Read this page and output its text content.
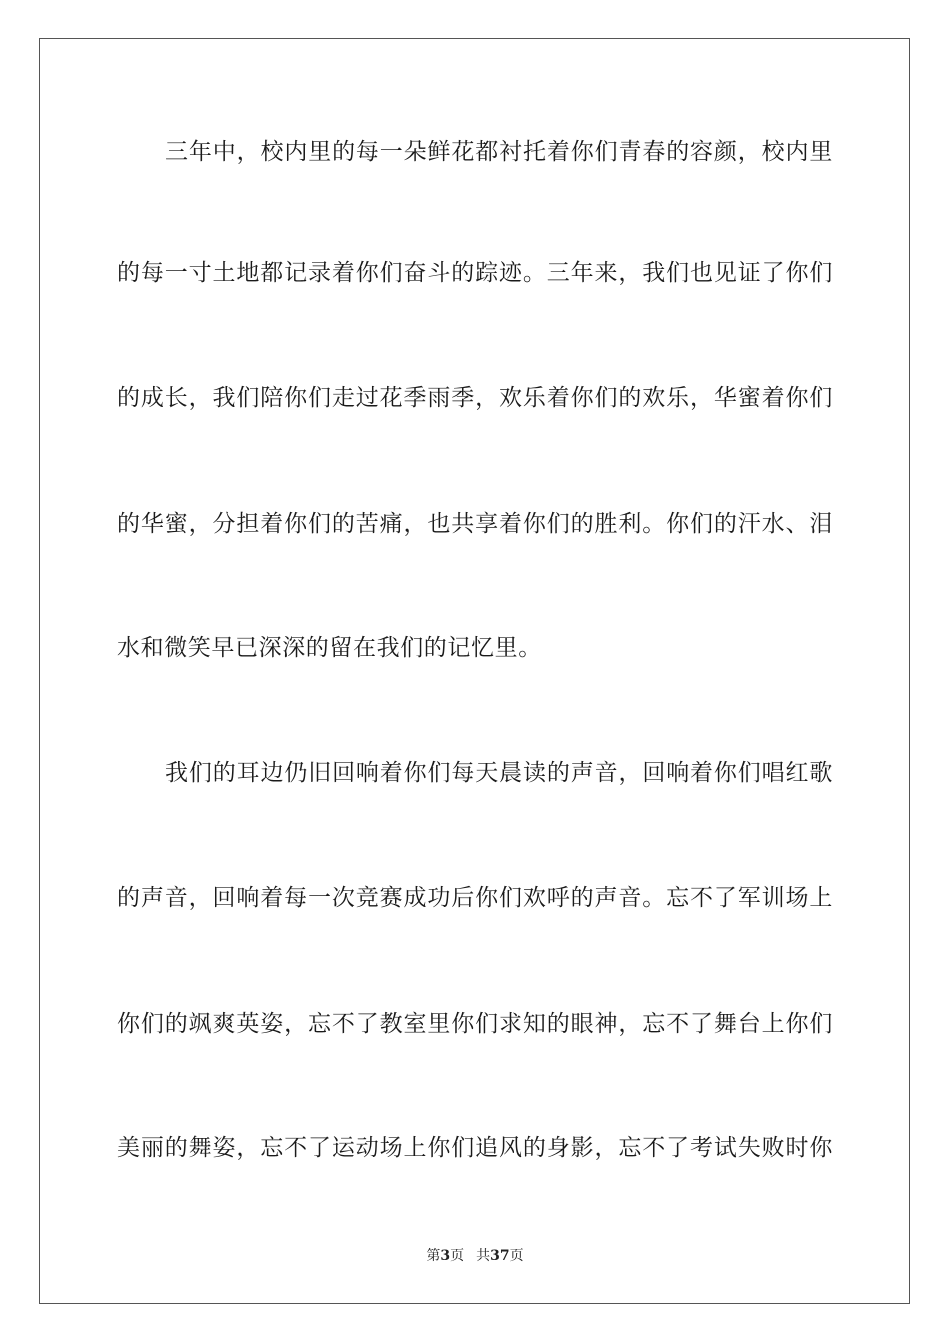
三年中，校内里的每一朵鲜花都衬托着你们青春的容颜，校内里
的每一寸土地都记录着你们奋斗的踪迹。三年来，我们也见证了你们
的成长，我们陪你们走过花季雨季，欢乐着你们的欢乐，华蜜着你们
的华蜜，分担着你们的苦痛，也共享着你们的胜利。你们的汗水、泪
水和微笑早已深深的留在我们的记忆里。
我们的耳边仍旧回响着你们每天晨读的声音，回响着你们唱红歌
的声音，回响着每一次竞赛成功后你们欢呼的声音。忘不了军训场上
你们的飒爽英姿，忘不了教室里你们求知的眼神，忘不了舞台上你们
美丽的舞姿，忘不了运动场上你们追风的身影，忘不了考试失败时你
第3页 共37页
